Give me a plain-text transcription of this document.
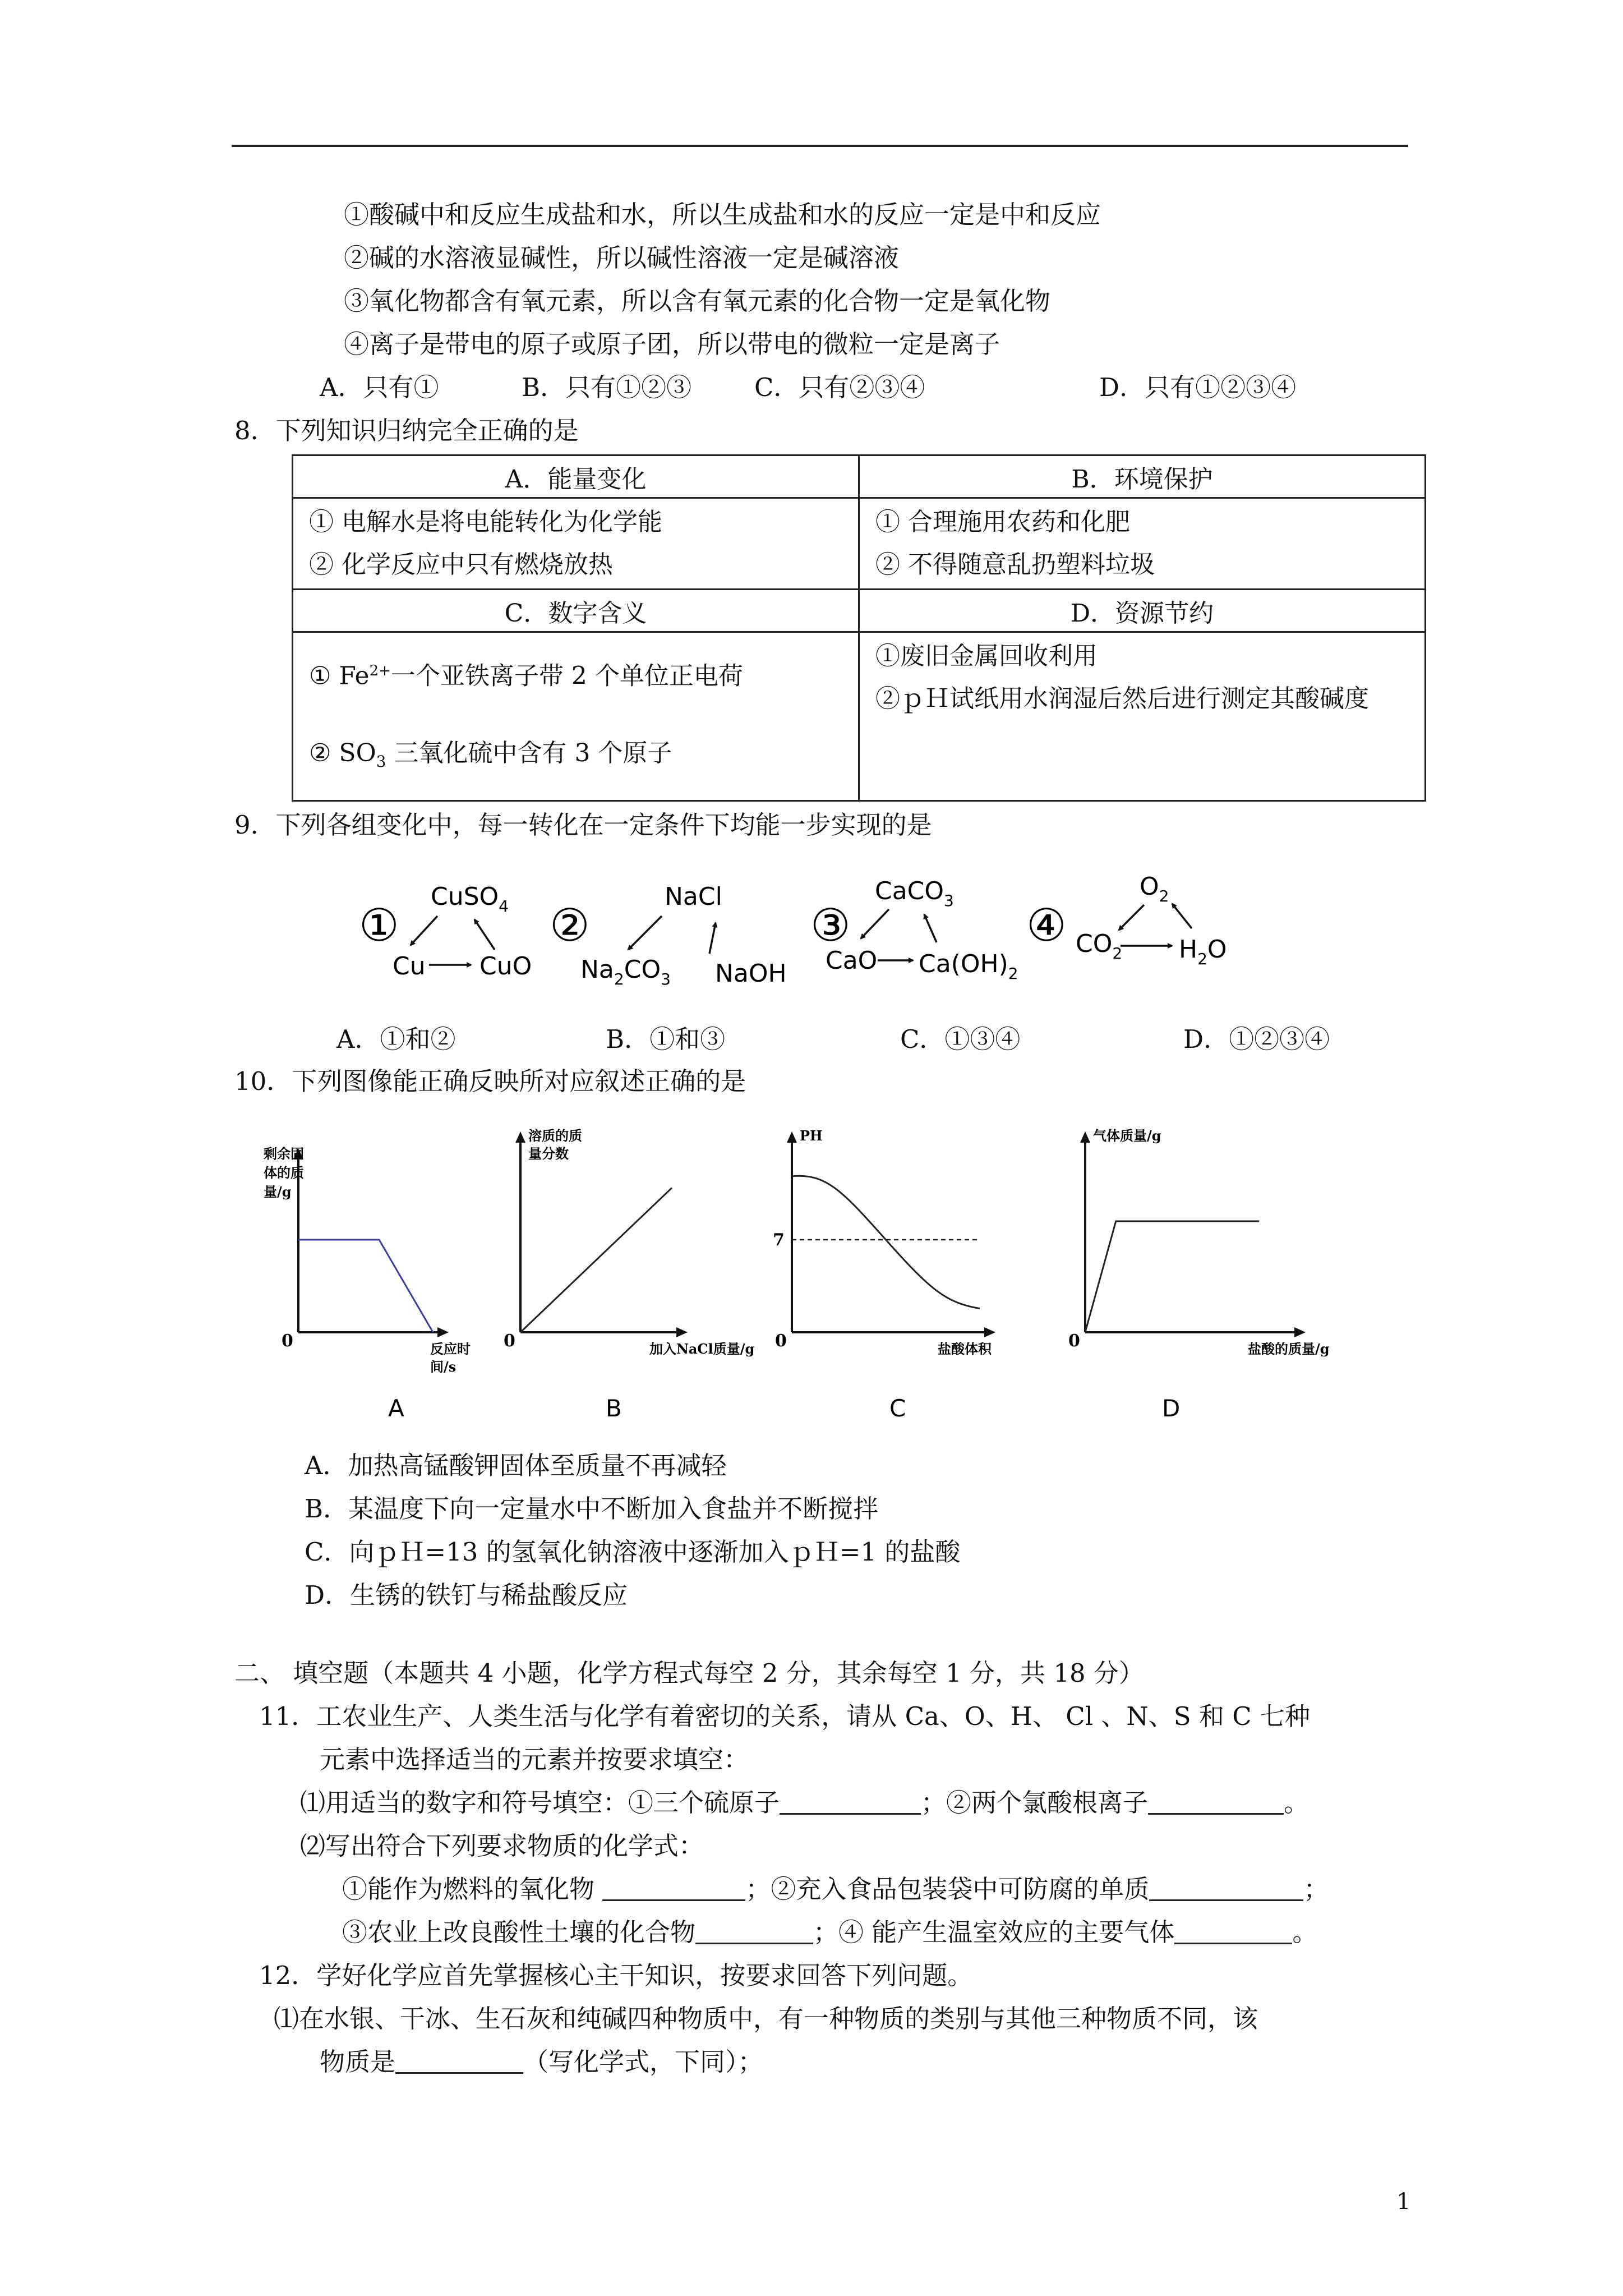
①酸碱中和反应生成盐和水，所以生成盐和水的反应一定是中和反应
②碱的水溶液显碱性，所以碱性溶液一定是碱溶液
③氧化物都含有氧元素，所以含有氧元素的化合物一定是氧化物
④离子是带电的原子或原子团，所以带电的微粒一定是离子
A．只有①	B．只有①②③ C．只有②③④	D．只有①②③④
8．下列知识归纳完全正确的是
A．能量变化	B．环境保护

① 电解水是将电能转化为化学能
② 化学反应中只有燃烧放热	① 合理施用农药和化肥
② 不得随意乱扔塑料垃圾

C．数字含义	D．资源节约

① $Fe^{2+}$一个亚铁离子带 2 个单位正电荷
② $SO_3$ 三氧化硫中含有 3 个原子	①废旧金属回收利用
②ｐＨ试纸用水润湿后然后进行测定其酸碱度
9．下列各组变化中，每一转化在一定条件下均能一步实现的是
①
CuSO$_4$
Cu CuO
②
NaCl
$Na_2CO_3$ NaOH
③
CaCO$_3$
CaO $Ca(OH)_2$
④
$O_2$
$CO_2$ $H_2O$
A．①和②	B．①和③	C．①③④	D．①②③④
10．下列图像能正确反映所对应叙述正确的是
0
剩余固
体的质
量/g
反应时
间/s
A
0
溶质的质
量分数
加入NaCl质量/g
B
0
PH
盐酸体积
7
C
0
气体质量/g
盐酸的质量/g
D
A．加热高锰酸钾固体至质量不再减轻
B．某温度下向一定量水中不断加入食盐并不断搅拌
C．向ｐＨ=13 的氢氧化钠溶液中逐渐加入ｐＨ=1 的盐酸
D．生锈的铁钉与稀盐酸反应
二、 填空题（本题共 4 小题，化学方程式每空 2 分，其余每空 1 分，共 18 分）
11．工农业生产、人类生活与化学有着密切的关系，请从 Ca、O、H、 Cl 、N、S 和 C 七种
元素中选择适当的元素并按要求填空：
⑴用适当的数字和符号填空：①三个硫原子	；②两个氯酸根离子	。
⑵写出符合下列要求物质的化学式：
①能作为燃料的氧化物	；②充入食品包装袋中可防腐的单质	；
③农业上改良酸性土壤的化合物	；④ 能产生温室效应的主要气体	。
12．学好化学应首先掌握核心主干知识，按要求回答下列问题。
⑴在水银、干冰、生石灰和纯碱四种物质中，有一种物质的类别与其他三种物质不同，该
物质是	（写化学式，下同）；
1
